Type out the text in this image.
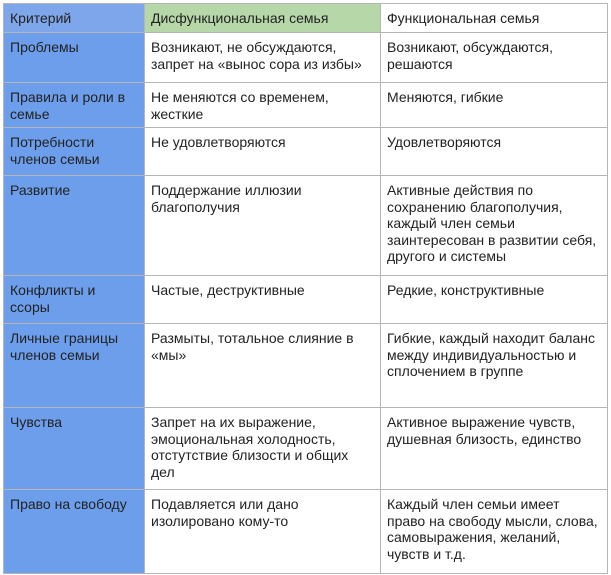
Критерий	Дисфункциональная семья	Функциональная семья
Проблемы	Возникают, не обсуждаются, запрет на «вынос сора из избы»	Возникают, обсуждаются, решаются
Правила и роли в семье	Не меняются со временем, жесткие	Меняются, гибкие
Потребности членов семьи	Не удовлетворяются	Удовлетворяются
Развитие	Поддержание иллюзии благополучия	Активные действия по сохранению благополучия, каждый член семьи заинтересован в развитии себя, другого и системы
Конфликты и ссоры	Частые, деструктивные	Редкие, конструктивные
Личные границы членов семьи	Размыты, тотальное слияние в «мы»	Гибкие, каждый находит баланс между индивидуальностью и сплочением в группе
Чувства	Запрет на их выражение, эмоциональная холодность, отстутствие близости и общих дел	Активное выражение чувств, душевная близость, единство
Право на свободу	Подавляется или дано изолировано кому-то	Каждый член семьи имеет право на свободу мысли, слова, самовыражения, желаний, чувств и т.д.
